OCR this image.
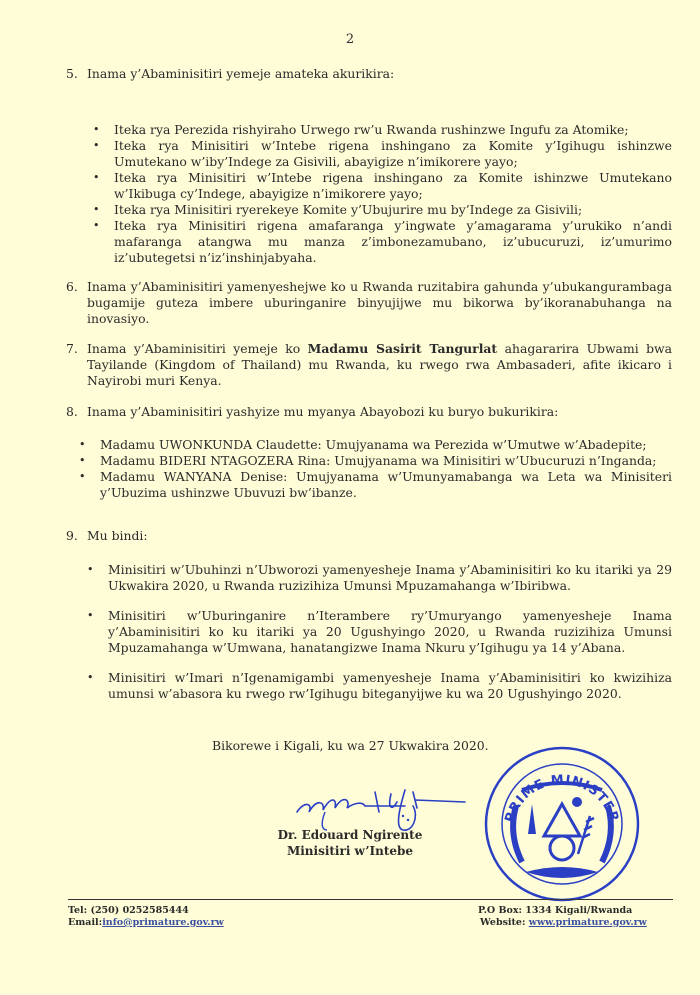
2
5. Inama y’Abaminisitiri yemeje amateka akurikira:
• Iteka rya Perezida rishyiraho Urwego rw’u Rwanda rushinzwe Ingufu za Atomike;
• Iteka rya Minisitiri w’Intebe rigena inshingano za Komite y’Igihugu ishinzwe Umutekano w’iby’Indege za Gisivili, abayigize n’imikorere yayo;
• Iteka rya Minisitiri w’Intebe rigena inshingano za Komite ishinzwe Umutekano w’Ikibuga cy’Indege, abayigize n’imikorere yayo;
• Iteka rya Minisitiri ryerekeye Komite y’Ubujurire mu by’Indege za Gisivili;
• Iteka rya Minisitiri rigena amafaranga y’ingwate y’amagarama y’urukiko n’andi mafaranga atangwa mu manza z’imbonezamubano, iz’ubucuruzi, iz’umurimo iz’ubutegetsi n’iz’inshinjabyaha.
6. Inama y’Abaminisitiri yamenyeshejwe ko u Rwanda ruzitabira gahunda y’ubukangurambaga bugamije guteza imbere uburinganire binyujijwe mu bikorwa by’ikoranabuhanga na inovasiyo.
7. Inama y’Abaminisitiri yemeje ko Madamu Sasirit Tangurlat ahagararira Ubwami bwa Tayilande (Kingdom of Thailand) mu Rwanda, ku rwego rwa Ambasaderi, afite ikicaro i Nayirobi muri Kenya.
8. Inama y’Abaminisitiri yashyize mu myanya Abayobozi ku buryo bukurikira:
• Madamu UWONKUNDA Claudette: Umujyanama wa Perezida w’Umutwe w’Abadepite;
• Madamu BIDERI NTAGOZERA Rina: Umujyanama wa Minisitiri w’Ubucuruzi n’Inganda;
• Madamu WANYANA Denise: Umujyanama w’Umunyamabanga wa Leta wa Minisiteri y’Ubuzima ushinzwe Ubuvuzi bw’ibanze.
9. Mu bindi:
• Minisitiri w’Ubuhinzi n’Ubworozi yamenyesheje Inama y’Abaminisitiri ko ku itariki ya 29 Ukwakira 2020, u Rwanda ruzizihiza Umunsi Mpuzamahanga w’Ibiribwa.
• Minisitiri w’Uburinganire n’Iterambere ry’Umuryango yamenyesheje Inama y’Abaminisitiri ko ku itariki ya 20 Ugushyingo 2020, u Rwanda ruzizihiza Umunsi Mpuzamahanga w’Umwana, hanatangizwe Inama Nkuru y’Igihugu ya 14 y’Abana.
• Minisitiri w’Imari n’Igenamigambi yamenyesheje Inama y’Abaminisitiri ko kwizihiza umunsi w’abasora ku rwego rw’Igihugu biteganyijwe ku wa 20 Ugushyingo 2020.
Bikorewe i Kigali, ku wa 27 Ukwakira 2020.
Dr. Edouard Ngirente
Minisitiri w’Intebe
PRIME MINISTER
Tel: (250) 0252585444
Email:info@primature.gov.rw
P.O Box: 1334 Kigali/Rwanda
Website: www.primature.gov.rw
